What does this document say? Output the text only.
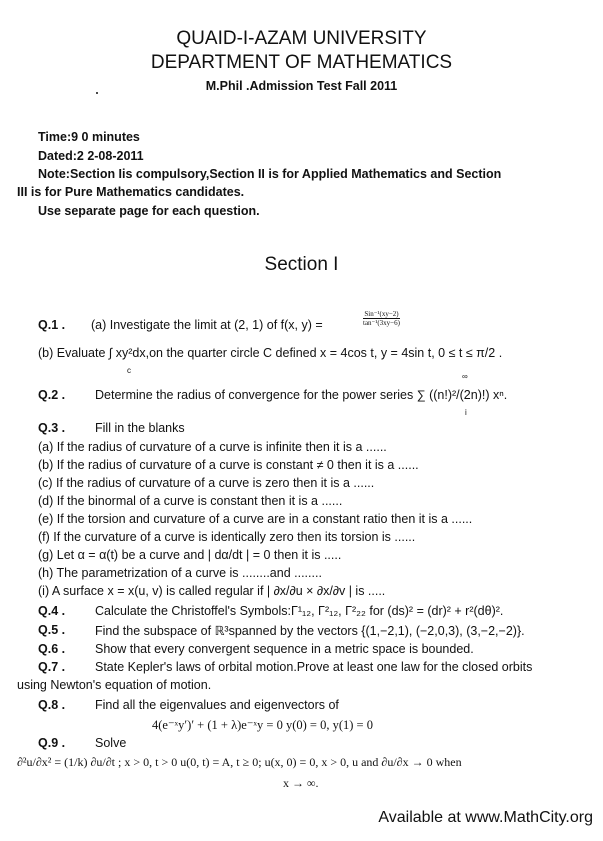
QUAID-I-AZAM UNIVERSITY
DEPARTMENT OF MATHEMATICS
M.Phil .Admission Test Fall 2011
Time:9 0 minutes
Dated:2 2-08-2011
Note:Section Iis compulsory,Section II is for Applied Mathematics and Section
III is for Pure Mathematics candidates.
Use separate page for each question.
Section I
Q.1 . (a) Investigate the limit at (2, 1) of f(x, y) =	$\frac{\text{Sin⁻¹(xy−2)}}{\text{tan⁻¹(3xy−6)}}$
(b) Evaluate ∫ xy²dx,on the quarter circle C defined x = 4cos t, y = 4sin t, 0 ≤ t ≤ π/2 .
c
Q.2 .
∞
Determine the radius of convergence for the power series ∑ ((n!)²/(2n)!) xⁿ.
i
Q.3 . Fill in the blanks
(a) If the radius of curvature of a curve is infinite then it is a ......
(b) If the radius of curvature of a curve is constant ≠ 0 then it is a ......
(c) If the radius of curvature of a curve is zero then it is a ......
(d) If the binormal of a curve is constant then it is a ......
(e) If the torsion and curvature of a curve are in a constant ratio then it is a ......
(f) If the curvature of a curve is identically zero then its torsion is ......
(g) Let α = α(t) be a curve and | dα/dt | = 0 then it is .....
(h) The parametrization of a curve is ........and ........
(i) A surface x = x(u, v) is called regular if | ∂x/∂u × ∂x/∂v | is .....
Q.4 . Calculate the Christoffel's Symbols:Γ¹₁₂, Γ²₁₂, Γ²₂₂ for (ds)² = (dr)² + r²(dθ)².
Q.5 . Find the subspace of ℝ³spanned by the vectors {(1,−2,1), (−2,0,3), (3,−2,−2)}.
Q.6 . Show that every convergent sequence in a metric space is bounded.
Q.7 . State Kepler's laws of orbital motion.Prove at least one law for the closed orbits
using Newton's equation of motion.
Q.8 . Find all the eigenvalues and eigenvectors of
4(e⁻ˣy′)′ + (1 + λ)e⁻ˣy = 0 y(0) = 0, y(1) = 0
Q.9 . Solve
∂²u/∂x² = (1/k) ∂u/∂t ; x > 0, t > 0 u(0, t) = A, t ≥ 0; u(x, 0) = 0, x > 0, u and ∂u/∂x → 0 when
x → ∞.
Available at www.MathCity.org
